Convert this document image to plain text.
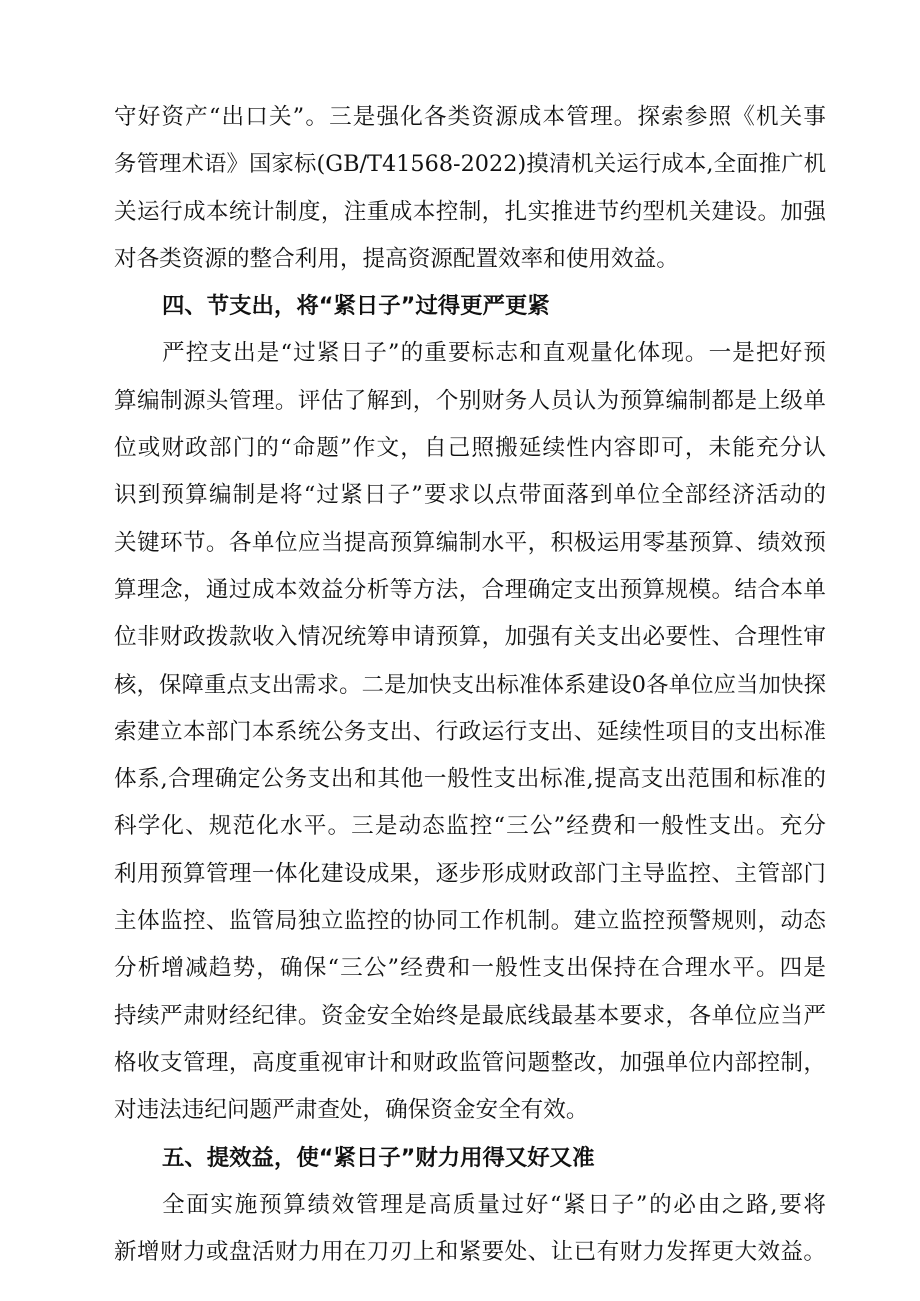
守好资产“出口关”。三是强化各类资源成本管理。探索参照《机关事
务管理术语》国家标(GB/T41568-2022)摸清机关运行成本,全面推广机
关运行成本统计制度，注重成本控制，扎实推进节约型机关建设。加强
对各类资源的整合利用，提高资源配置效率和使用效益。
四、节支出，将“紧日子”过得更严更紧
严控支出是“过紧日子”的重要标志和直观量化体现。一是把好预
算编制源头管理。评估了解到，个别财务人员认为预算编制都是上级单
位或财政部门的“命题”作文，自己照搬延续性内容即可，未能充分认
识到预算编制是将“过紧日子”要求以点带面落到单位全部经济活动的
关键环节。各单位应当提高预算编制水平，积极运用零基预算、绩效预
算理念，通过成本效益分析等方法，合理确定支出预算规模。结合本单
位非财政拨款收入情况统筹申请预算，加强有关支出必要性、合理性审
核，保障重点支出需求。二是加快支出标准体系建设0各单位应当加快探
索建立本部门本系统公务支出、行政运行支出、延续性项目的支出标准
体系,合理确定公务支出和其他一般性支出标准,提高支出范围和标准的
科学化、规范化水平。三是动态监控“三公”经费和一般性支出。充分
利用预算管理一体化建设成果，逐步形成财政部门主导监控、主管部门
主体监控、监管局独立监控的协同工作机制。建立监控预警规则，动态
分析增减趋势，确保“三公”经费和一般性支出保持在合理水平。四是
持续严肃财经纪律。资金安全始终是最底线最基本要求，各单位应当严
格收支管理，高度重视审计和财政监管问题整改，加强单位内部控制，
对违法违纪问题严肃查处，确保资金安全有效。
五、提效益，使“紧日子”财力用得又好又准
全面实施预算绩效管理是高质量过好“紧日子”的必由之路,要将
新增财力或盘活财力用在刀刃上和紧要处、让已有财力发挥更大效益。
